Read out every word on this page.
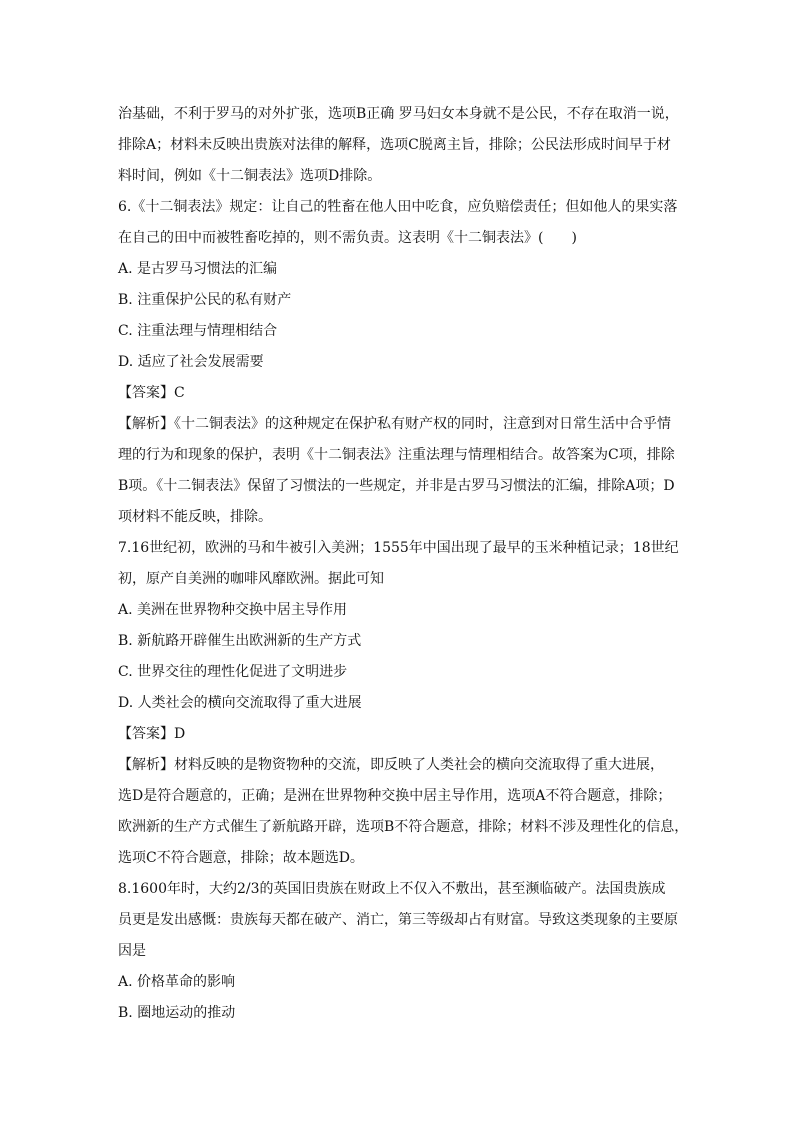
治基础，不利于罗马的对外扩张，选项B正确 罗马妇女本身就不是公民，不存在取消一说，
排除A；材料未反映出贵族对法律的解释，选项C脱离主旨，排除；公民法形成时间早于材
料时间，例如《十二铜表法》选项D排除。
6.《十二铜表法》规定：让自己的牲畜在他人田中吃食，应负赔偿责任；但如他人的果实落
在自己的田中而被牲畜吃掉的，则不需负责。这表明《十二铜表法》(　　)
A. 是古罗马习惯法的汇编
B. 注重保护公民的私有财产
C. 注重法理与情理相结合
D. 适应了社会发展需要
【答案】C
【解析】《十二铜表法》的这种规定在保护私有财产权的同时，注意到对日常生活中合乎情
理的行为和现象的保护，表明《十二铜表法》注重法理与情理相结合。故答案为C项，排除
B项。《十二铜表法》保留了习惯法的一些规定，并非是古罗马习惯法的汇编，排除A项；D
项材料不能反映，排除。
7.16世纪初，欧洲的马和牛被引入美洲；1555年中国出现了最早的玉米种植记录；18世纪
初，原产自美洲的咖啡风靡欧洲。据此可知
A. 美洲在世界物种交换中居主导作用
B. 新航路开辟催生出欧洲新的生产方式
C. 世界交往的理性化促进了文明进步
D. 人类社会的横向交流取得了重大进展
【答案】D
【解析】材料反映的是物资物种的交流，即反映了人类社会的横向交流取得了重大进展，
选D是符合题意的，正确；是洲在世界物种交换中居主导作用，选项A不符合题意，排除；
欧洲新的生产方式催生了新航路开辟，选项B不符合题意，排除；材料不涉及理性化的信息，
选项C不符合题意，排除；故本题选D。
8.1600年时，大约2/3的英国旧贵族在财政上不仅入不敷出，甚至濒临破产。法国贵族成
员更是发出感慨：贵族每天都在破产、消亡，第三等级却占有财富。导致这类现象的主要原
因是
A. 价格革命的影响
B. 圈地运动的推动
